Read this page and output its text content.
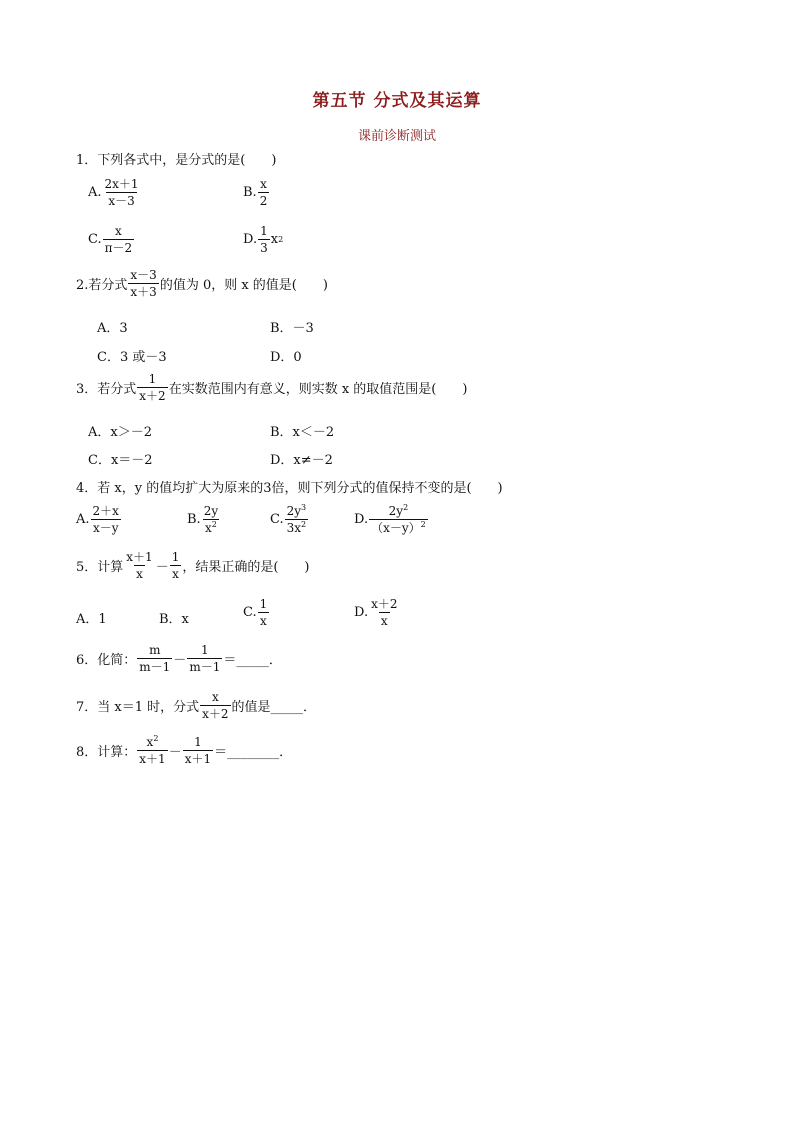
第五节 分式及其运算
课前诊断测试
1．下列各式中，是分式的是(　　)
A. $\frac{2x+1}{x-3}$	B. $\frac{x}{2}$
C. $\frac{x}{\pi-2}$	D. $\frac{1}{3}$ x 2
2.若分式 $\frac{x-3}{x+3}$ 的值为 0，则 x 的值是(　　)
A．3	B．－3
C．3 或－3	D．0
3．若分式 $\frac{1}{x+2}$ 在实数范围内有意义，则实数 x 的取值范围是(　　)
A．x＞－2	B．x＜－2
C．x＝－2	D．x≠－2
4．若 x，y 的值均扩大为原来的3倍，则下列分式的值保持不变的是(　　)
A. $\frac{2+x}{x-y}$	B. $\frac{2y}{x^2}$	C. $\frac{2y^3}{3x^2}$	D. $\frac{2y^2}{(x-y)^2}$
5．计算 $\frac{x+1}{x} - \frac{1}{x}$ ，结果正确的是(　　)
A．1	B．x	C. $\frac{1}{x}$	D. $\frac{x+2}{x}$
6．化简： $\frac{m}{m-1} - \frac{1}{m-1}$ ＝_____．
7．当 x＝1 时，分式 $\frac{x}{x+2}$ 的值是_____．
8．计算： $\frac{x^2}{x+1} - \frac{1}{x+1}$ ＝________．
